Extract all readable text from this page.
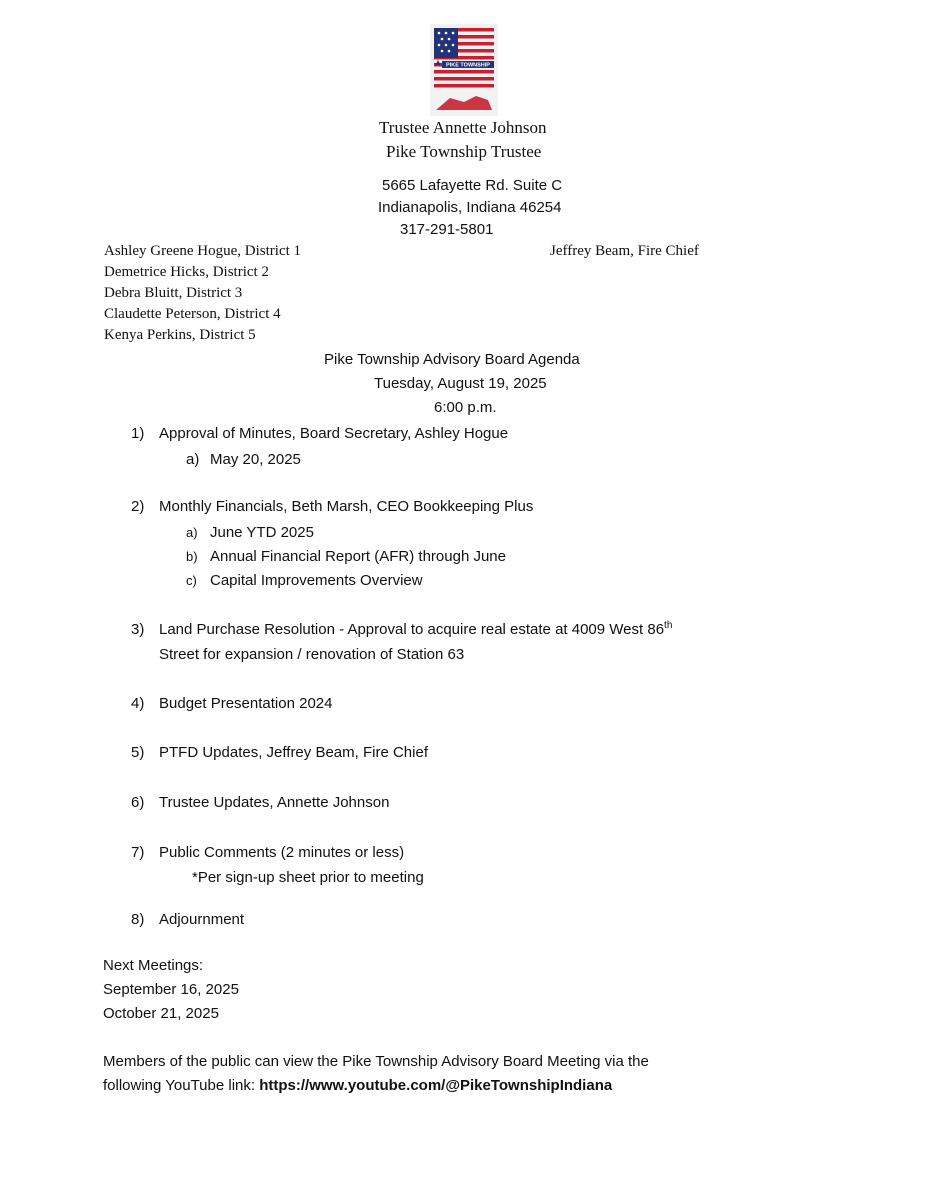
PIKE TOWNSHIP
Trustee Annette Johnson
Pike Township Trustee
5665 Lafayette Rd. Suite C
Indianapolis, Indiana 46254
317-291-5801
Ashley Greene Hogue, District 1
Demetrice Hicks, District 2
Debra Bluitt, District 3
Claudette Peterson, District 4
Kenya Perkins, District 5
Jeffrey Beam, Fire Chief
Pike Township Advisory Board Agenda
Tuesday, August 19, 2025
6:00 p.m.
1) Approval of Minutes, Board Secretary, Ashley Hogue
a) May 20, 2025
2) Monthly Financials, Beth Marsh, CEO Bookkeeping Plus
a) June YTD 2025
b) Annual Financial Report (AFR) through June
c) Capital Improvements Overview
3) Land Purchase Resolution - Approval to acquire real estate at 4009 West 86th
Street for expansion / renovation of Station 63
4) Budget Presentation 2024
5) PTFD Updates, Jeffrey Beam, Fire Chief
6) Trustee Updates, Annette Johnson
7) Public Comments (2 minutes or less)
*Per sign-up sheet prior to meeting
8) Adjournment
Next Meetings:
September 16, 2025
October 21, 2025
Members of the public can view the Pike Township Advisory Board Meeting via the
following YouTube link: https://www.youtube.com/@PikeTownshipIndiana
